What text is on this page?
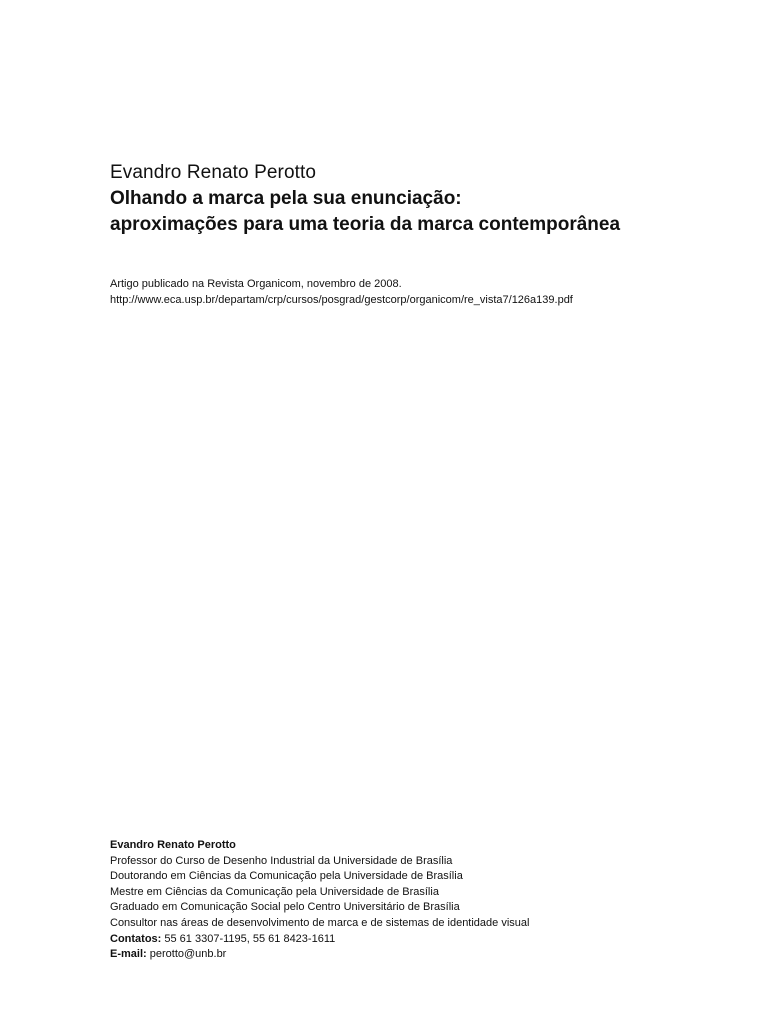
Evandro Renato Perotto

Olhando a marca pela sua enunciação:

aproximações para uma teoria da marca contemporânea

Artigo publicado na Revista Organicom, novembro de 2008.
http://www.eca.usp.br/departam/crp/cursos/posgrad/gestcorp/organicom/re_vista7/126a139.pdf
Evandro Renato Perotto
Professor do Curso de Desenho Industrial da Universidade de Brasília
Doutorando em Ciências da Comunicação pela Universidade de Brasília
Mestre em Ciências da Comunicação pela Universidade de Brasília
Graduado em Comunicação Social pelo Centro Universitário de Brasília
Consultor nas áreas de desenvolvimento de marca e de sistemas de identidade visual
Contatos: 55 61 3307-1195, 55 61 8423-1611
E-mail: perotto@unb.br
